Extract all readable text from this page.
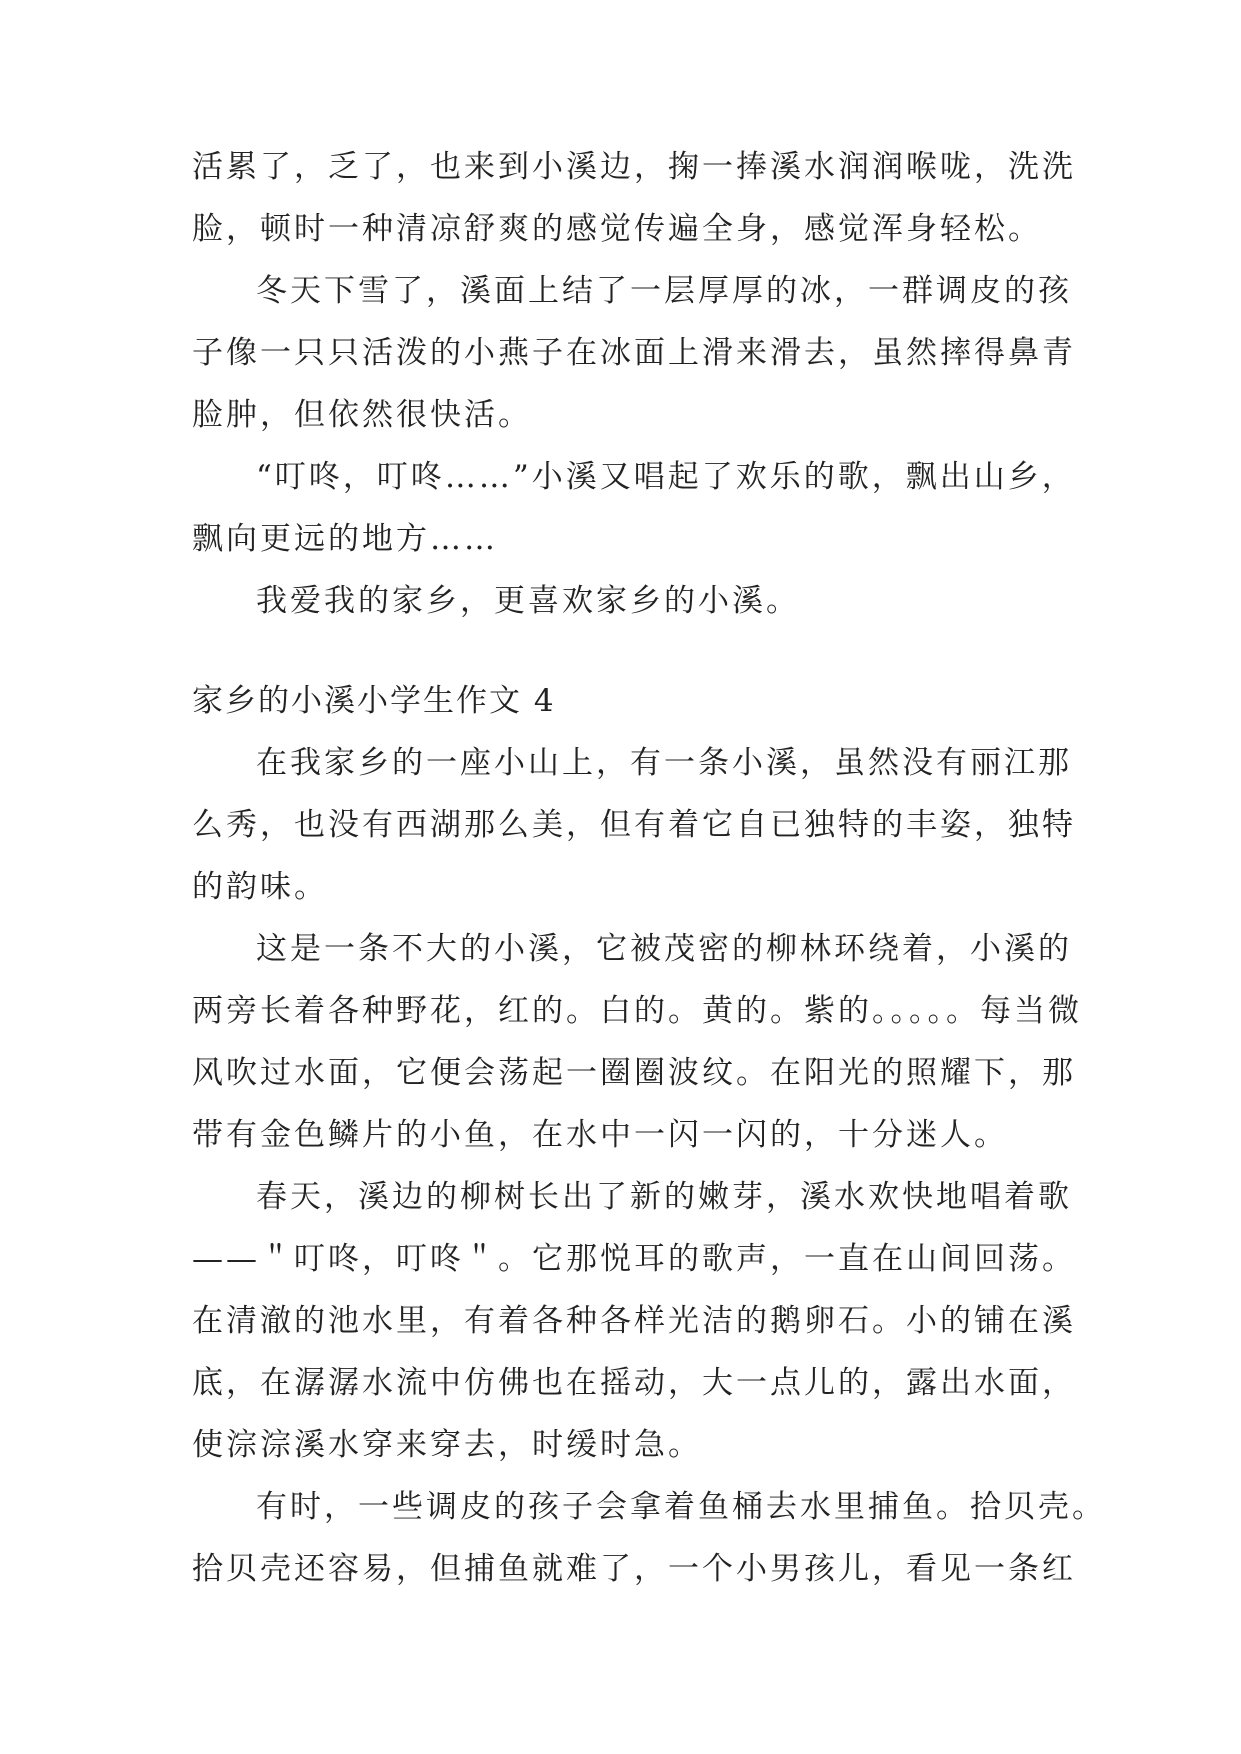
活累了，乏了，也来到小溪边，掬一捧溪水润润喉咙，洗洗
脸，顿时一种清凉舒爽的感觉传遍全身，感觉浑身轻松。
冬天下雪了，溪面上结了一层厚厚的冰，一群调皮的孩
子像一只只活泼的小燕子在冰面上滑来滑去，虽然摔得鼻青
脸肿，但依然很快活。
“叮咚，叮咚……”小溪又唱起了欢乐的歌，飘出山乡，
飘向更远的地方……
我爱我的家乡，更喜欢家乡的小溪。
家乡的小溪小学生作文 4
在我家乡的一座小山上，有一条小溪，虽然没有丽江那
么秀，也没有西湖那么美，但有着它自已独特的丰姿，独特
的韵味。
这是一条不大的小溪，它被茂密的柳林环绕着，小溪的
两旁长着各种野花，红的。白的。黄的。紫的。。。。。每当微
风吹过水面，它便会荡起一圈圈波纹。在阳光的照耀下，那
带有金色鳞片的小鱼，在水中一闪一闪的，十分迷人。
春天，溪边的柳树长出了新的嫩芽，溪水欢快地唱着歌
——＂叮咚，叮咚＂。它那悦耳的歌声，一直在山间回荡。
在清澈的池水里，有着各种各样光洁的鹅卵石。小的铺在溪
底，在潺潺水流中仿佛也在摇动，大一点儿的，露出水面，
使淙淙溪水穿来穿去，时缓时急。
有时，一些调皮的孩子会拿着鱼桶去水里捕鱼。拾贝壳。
拾贝壳还容易，但捕鱼就难了，一个小男孩儿，看见一条红
